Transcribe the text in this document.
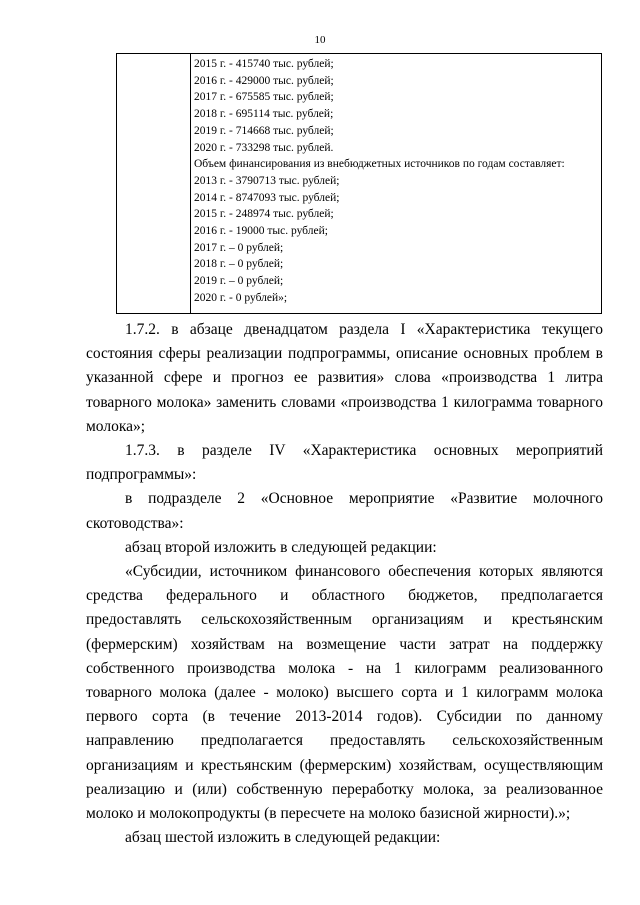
10
2015 г. - 415740 тыс. рублей;
2016 г. - 429000 тыс. рублей;
2017 г. - 675585 тыс. рублей;
2018 г. - 695114 тыс. рублей;
2019 г. - 714668 тыс. рублей;
2020 г. - 733298 тыс. рублей.
Объем финансирования из внебюджетных источников по годам составляет:
2013 г. - 3790713 тыс. рублей;
2014 г. - 8747093 тыс. рублей;
2015 г. - 248974 тыс. рублей;
2016 г. - 19000 тыс. рублей;
2017 г. – 0 рублей;
2018 г. – 0 рублей;
2019 г. – 0 рублей;
2020 г. - 0 рублей»;

1.7.2. в абзаце двенадцатом раздела I «Характеристика текущего состояния сферы реализации подпрограммы, описание основных проблем в указанной сфере и прогноз ее развития» слова «производства 1 литра товарного молока» заменить словами «производства 1 килограмма товарного молока»;

1.7.3. в разделе IV «Характеристика основных мероприятий подпрограммы»:

в подразделе 2 «Основное мероприятие «Развитие молочного скотоводства»:

абзац второй изложить в следующей редакции:

«Субсидии, источником финансового обеспечения которых являются средства федерального и областного бюджетов, предполагается предоставлять сельскохозяйственным организациям и крестьянским (фермерским) хозяйствам на возмещение части затрат на поддержку собственного производства молока - на 1 килограмм реализованного товарного молока (далее - молоко) высшего сорта и 1 килограмм молока первого сорта (в течение 2013-2014 годов). Субсидии по данному направлению предполагается предоставлять сельскохозяйственным организациям и крестьянским (фермерским) хозяйствам, осуществляющим реализацию и (или) собственную переработку молока, за реализованное молоко и молокопродукты (в пересчете на молоко базисной жирности).»;

абзац шестой изложить в следующей редакции:
